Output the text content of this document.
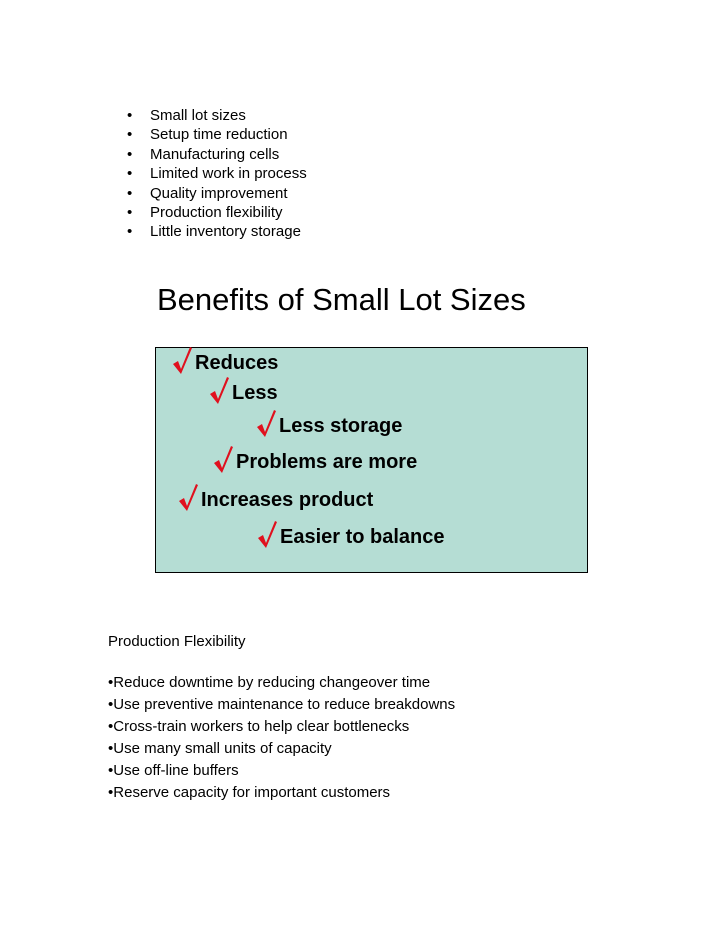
• Small lot sizes
• Setup time reduction
• Manufacturing cells
• Limited work in process
• Quality improvement
• Production flexibility
• Little inventory storage
Benefits of Small Lot Sizes
Reduces
Less
Less storage
Problems are more
Increases product
Easier to balance
Production Flexibility
•Reduce downtime by reducing changeover time
•Use preventive maintenance to reduce breakdowns
•Cross-train workers to help clear bottlenecks
•Use many small units of capacity
•Use off-line buffers
•Reserve capacity for important customers
